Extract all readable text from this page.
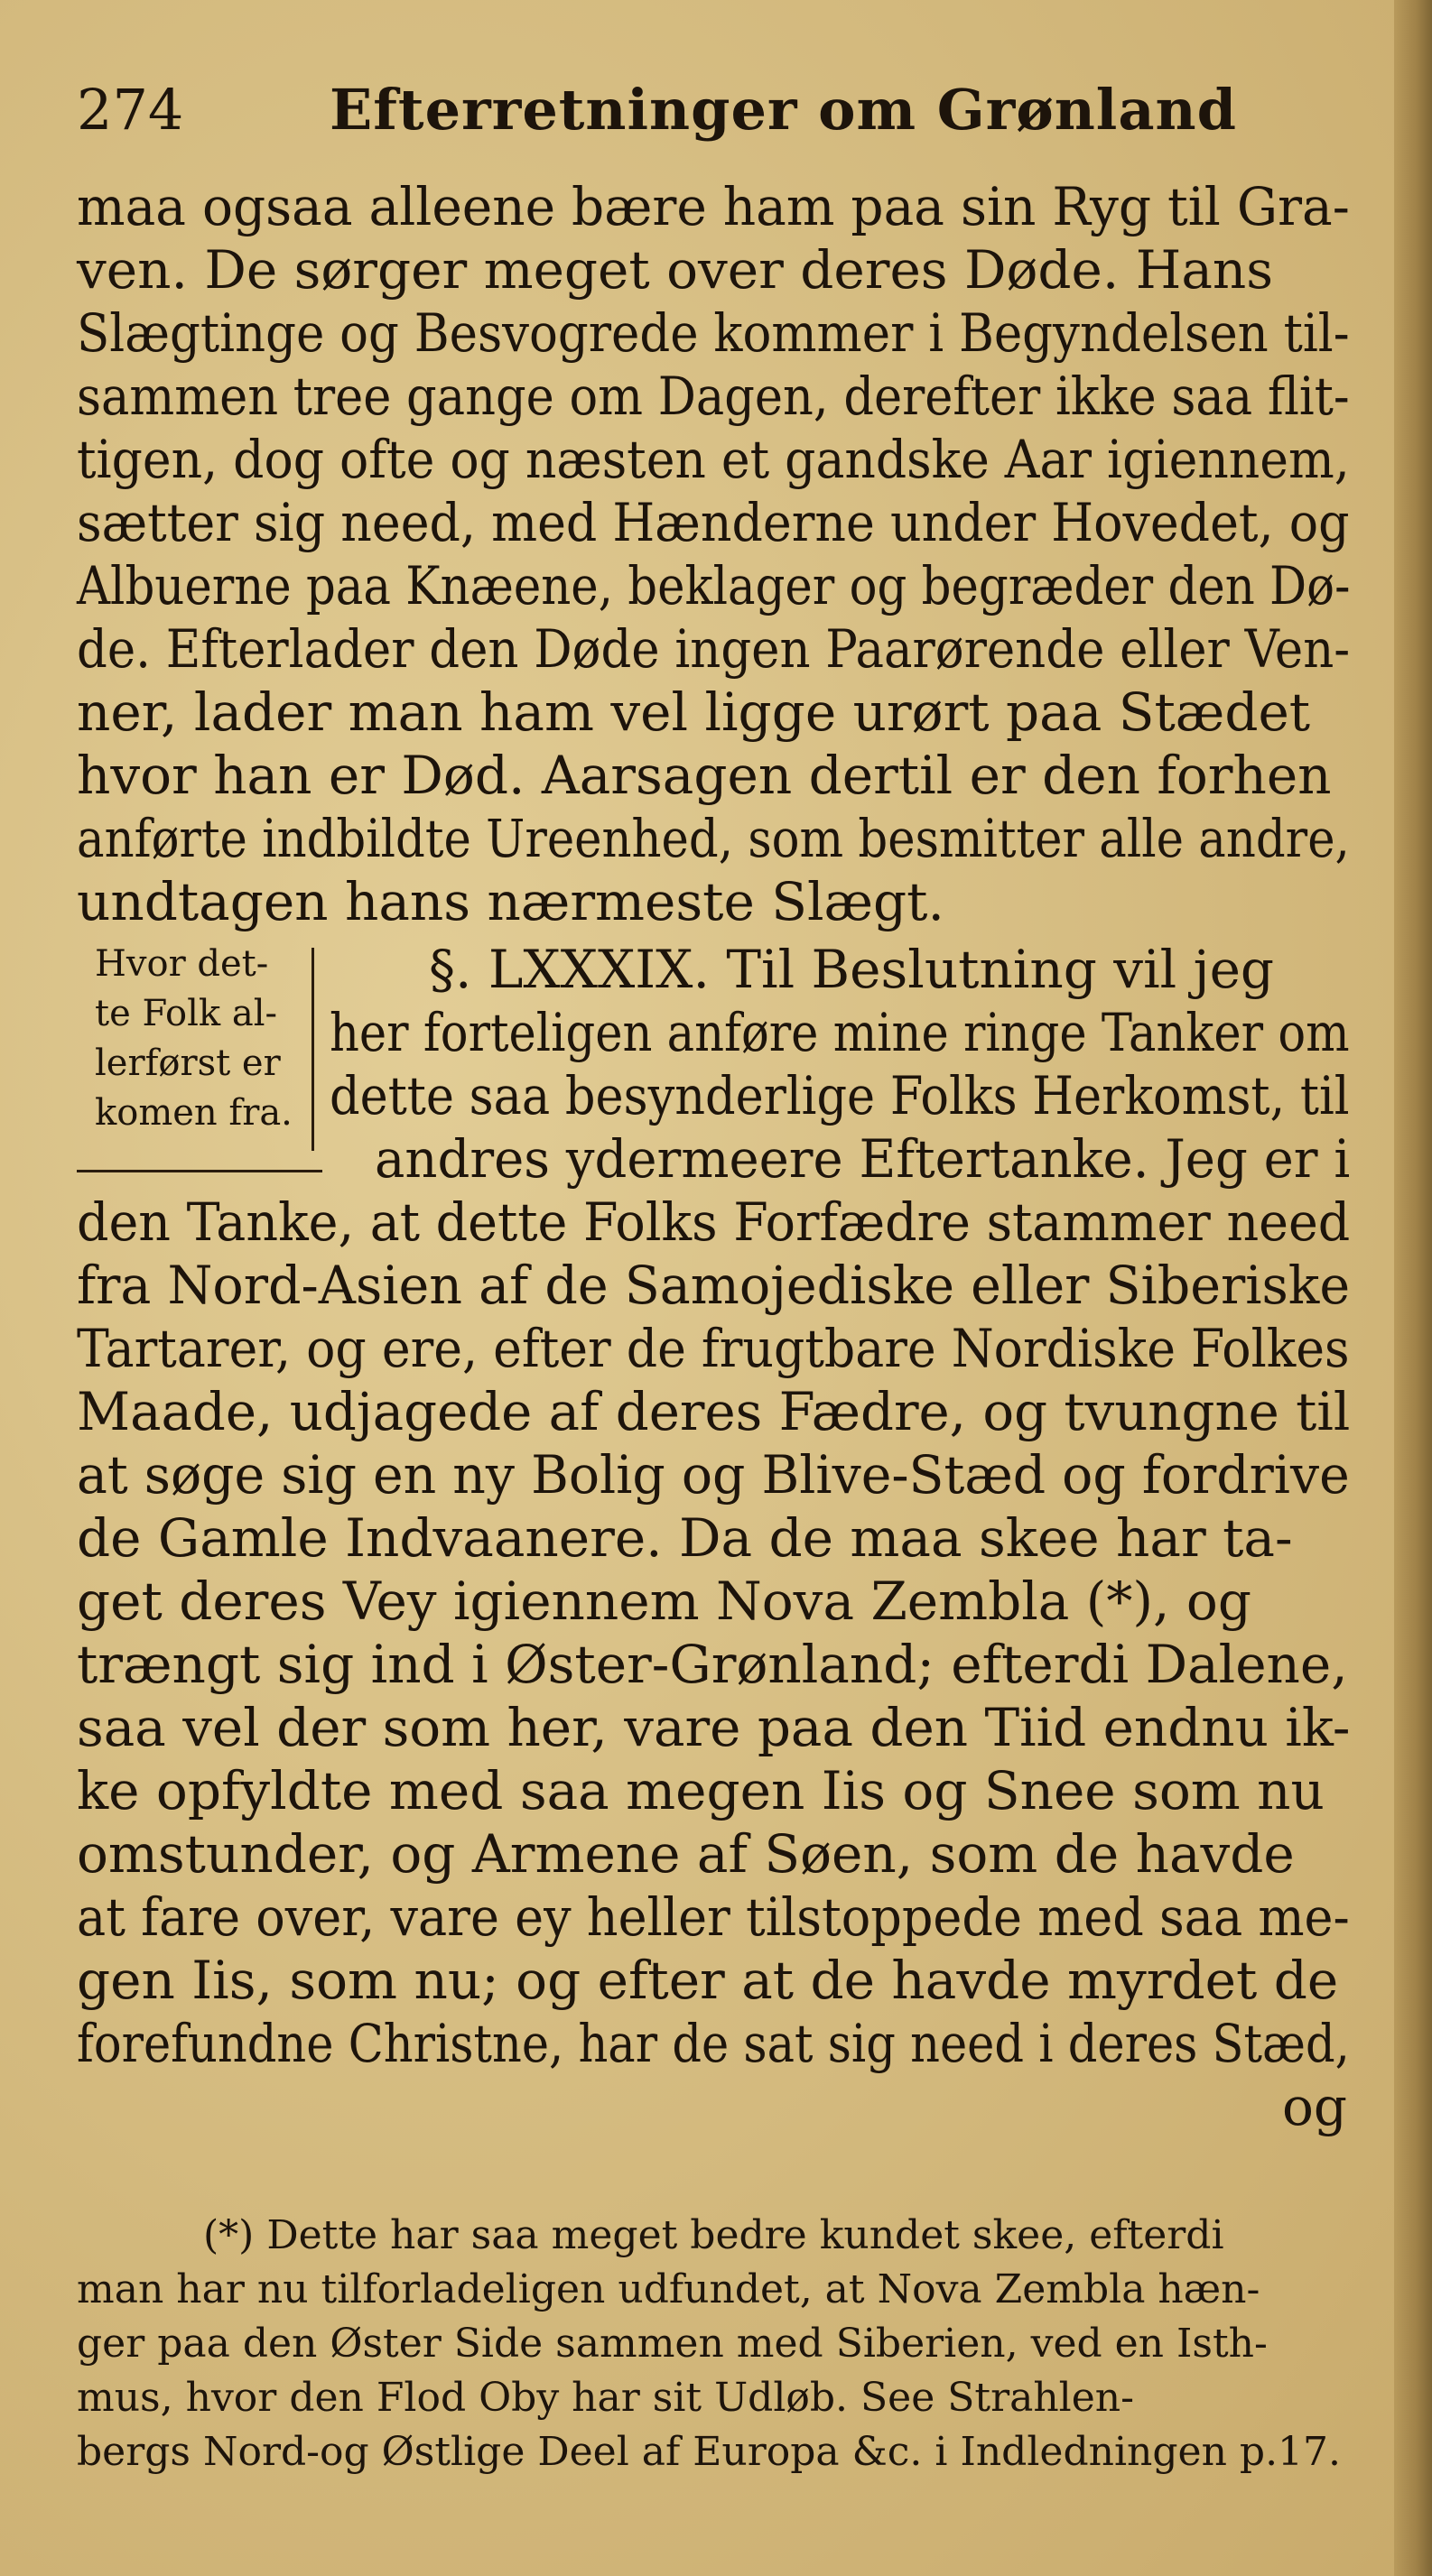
274	Efterretninger om Grønland
maa ogsaa alleene bære ham paa sin Ryg til Gra-
ven. De sørger meget over deres Døde. Hans
Slægtinge og Besvogrede kommer i Begyndelsen til-
sammen tree gange om Dagen, derefter ikke saa flit-
tigen, dog ofte og næsten et gandske Aar igiennem,
sætter sig need, med Hænderne under Hovedet, og
Albuerne paa Knæene, beklager og begræder den Dø-
de. Efterlader den Døde ingen Paarørende eller Ven-
ner, lader man ham vel ligge urørt paa Stædet
hvor han er Død. Aarsagen dertil er den forhen
anførte indbildte Ureenhed, som besmitter alle andre,
undtagen hans nærmeste Slægt.
§. LXXXIX. Til Beslutning vil jeg
her forteligen anføre mine ringe Tanker om
dette saa besynderlige Folks Herkomst, til
andres ydermeere Eftertanke. Jeg er i
den Tanke, at dette Folks Forfædre stammer need
fra Nord-Asien af de Samojediske eller Siberiske
Tartarer, og ere, efter de frugtbare Nordiske Folkes
Maade, udjagede af deres Fædre, og tvungne til
at søge sig en ny Bolig og Blive-Stæd og fordrive
de Gamle Indvaanere. Da de maa skee har ta-
get deres Vey igiennem Nova Zembla (*), og
trængt sig ind i Øster-Grønland; efterdi Dalene,
saa vel der som her, vare paa den Tiid endnu ik-
ke opfyldte med saa megen Iis og Snee som nu
omstunder, og Armene af Søen, som de havde
at fare over, vare ey heller tilstoppede med saa me-
gen Iis, som nu; og efter at de havde myrdet de
forefundne Christne, har de sat sig need i deres Stæd,
og
Hvor det-
te Folk al-
lerførst er
komen fra.
(*) Dette har saa meget bedre kundet skee, efterdi
man har nu tilforladeligen udfundet, at Nova Zembla hæn-
ger paa den Øster Side sammen med Siberien, ved en Isth-
mus, hvor den Flod Oby har sit Udløb. See Strahlen-
bergs Nord-og Østlige Deel af Europa &c. i Indledningen p.17.
